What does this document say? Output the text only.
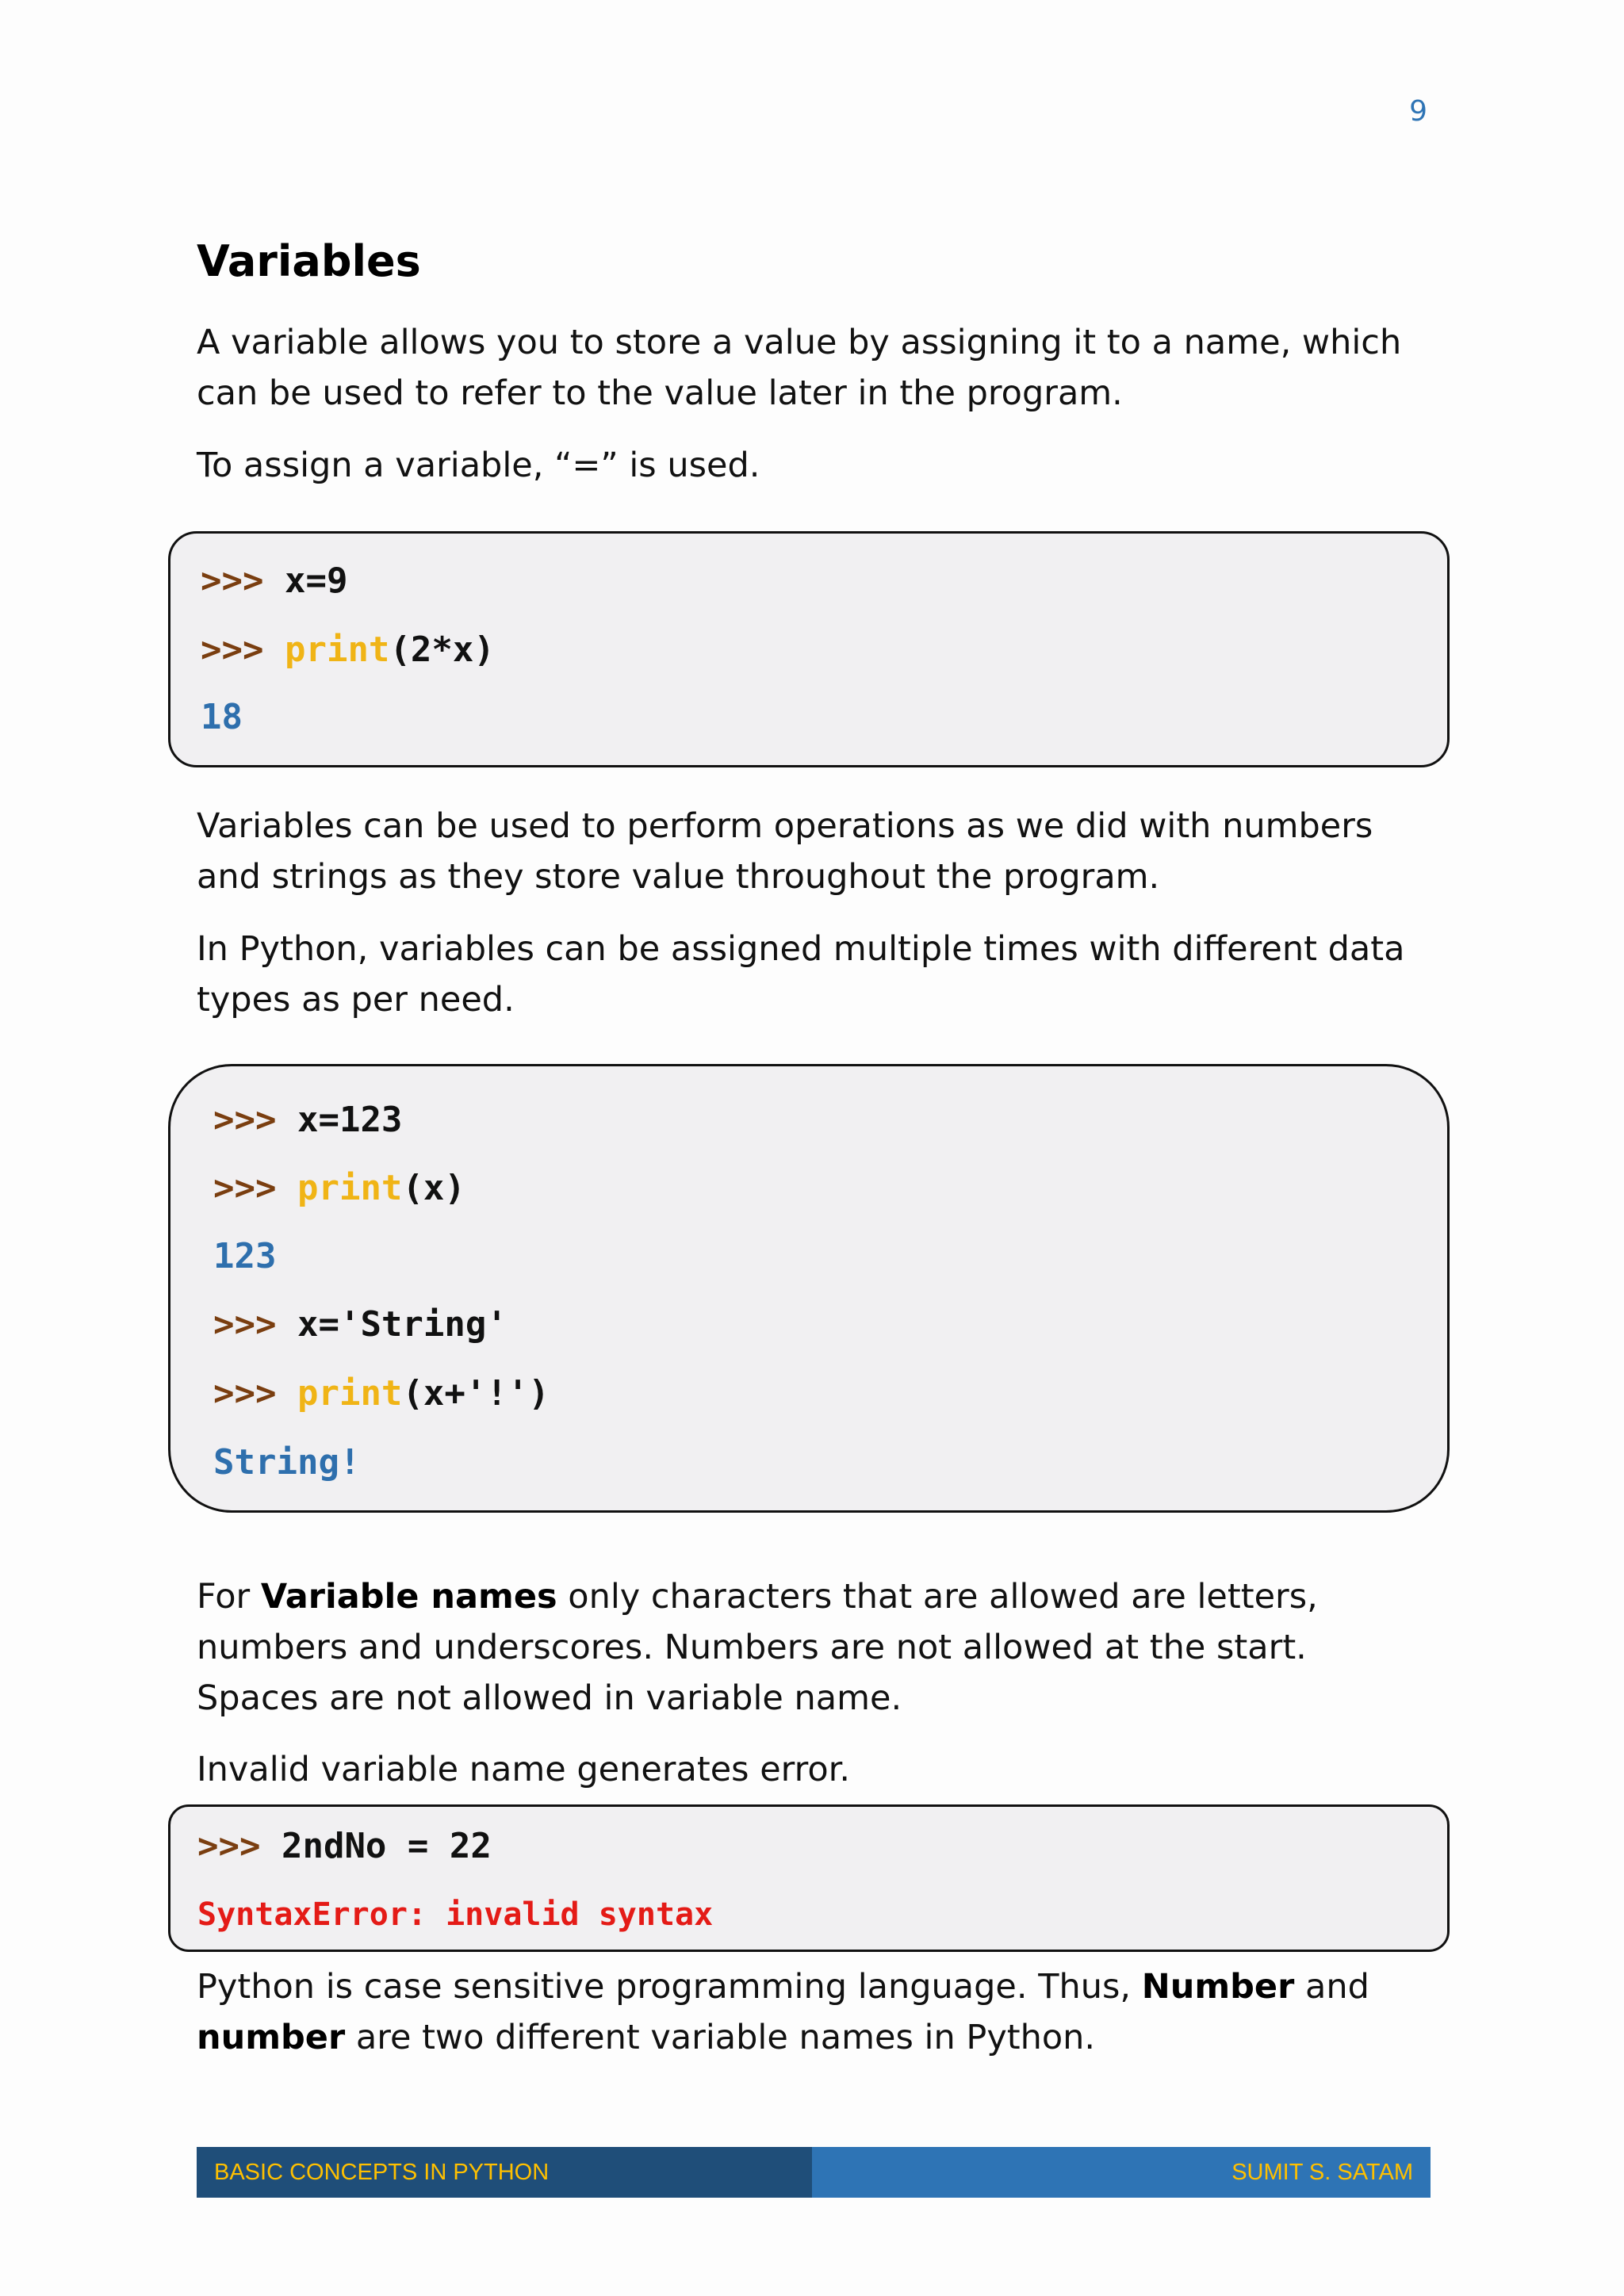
9
Variables

A variable allows you to store a value by assigning it to a name, which can be used to refer to the value later in the program.

To assign a variable, “=” is used.

>>> x=9
>>> print(2*x)
18

Variables can be used to perform operations as we did with numbers and strings as they store value throughout the program.

In Python, variables can be assigned multiple times with different data types as per need.

>>> x=123
>>> print(x)
123
>>> x='String'
>>> print(x+'!')
String!

For Variable names only characters that are allowed are letters, numbers and underscores. Numbers are not allowed at the start. Spaces are not allowed in variable name.

Invalid variable name generates error.

>>> 2ndNo = 22
SyntaxError: invalid syntax

Python is case sensitive programming language. Thus, Number and number are two different variable names in Python.

BASIC CONCEPTS IN PYTHON	SUMIT S. SATAM
